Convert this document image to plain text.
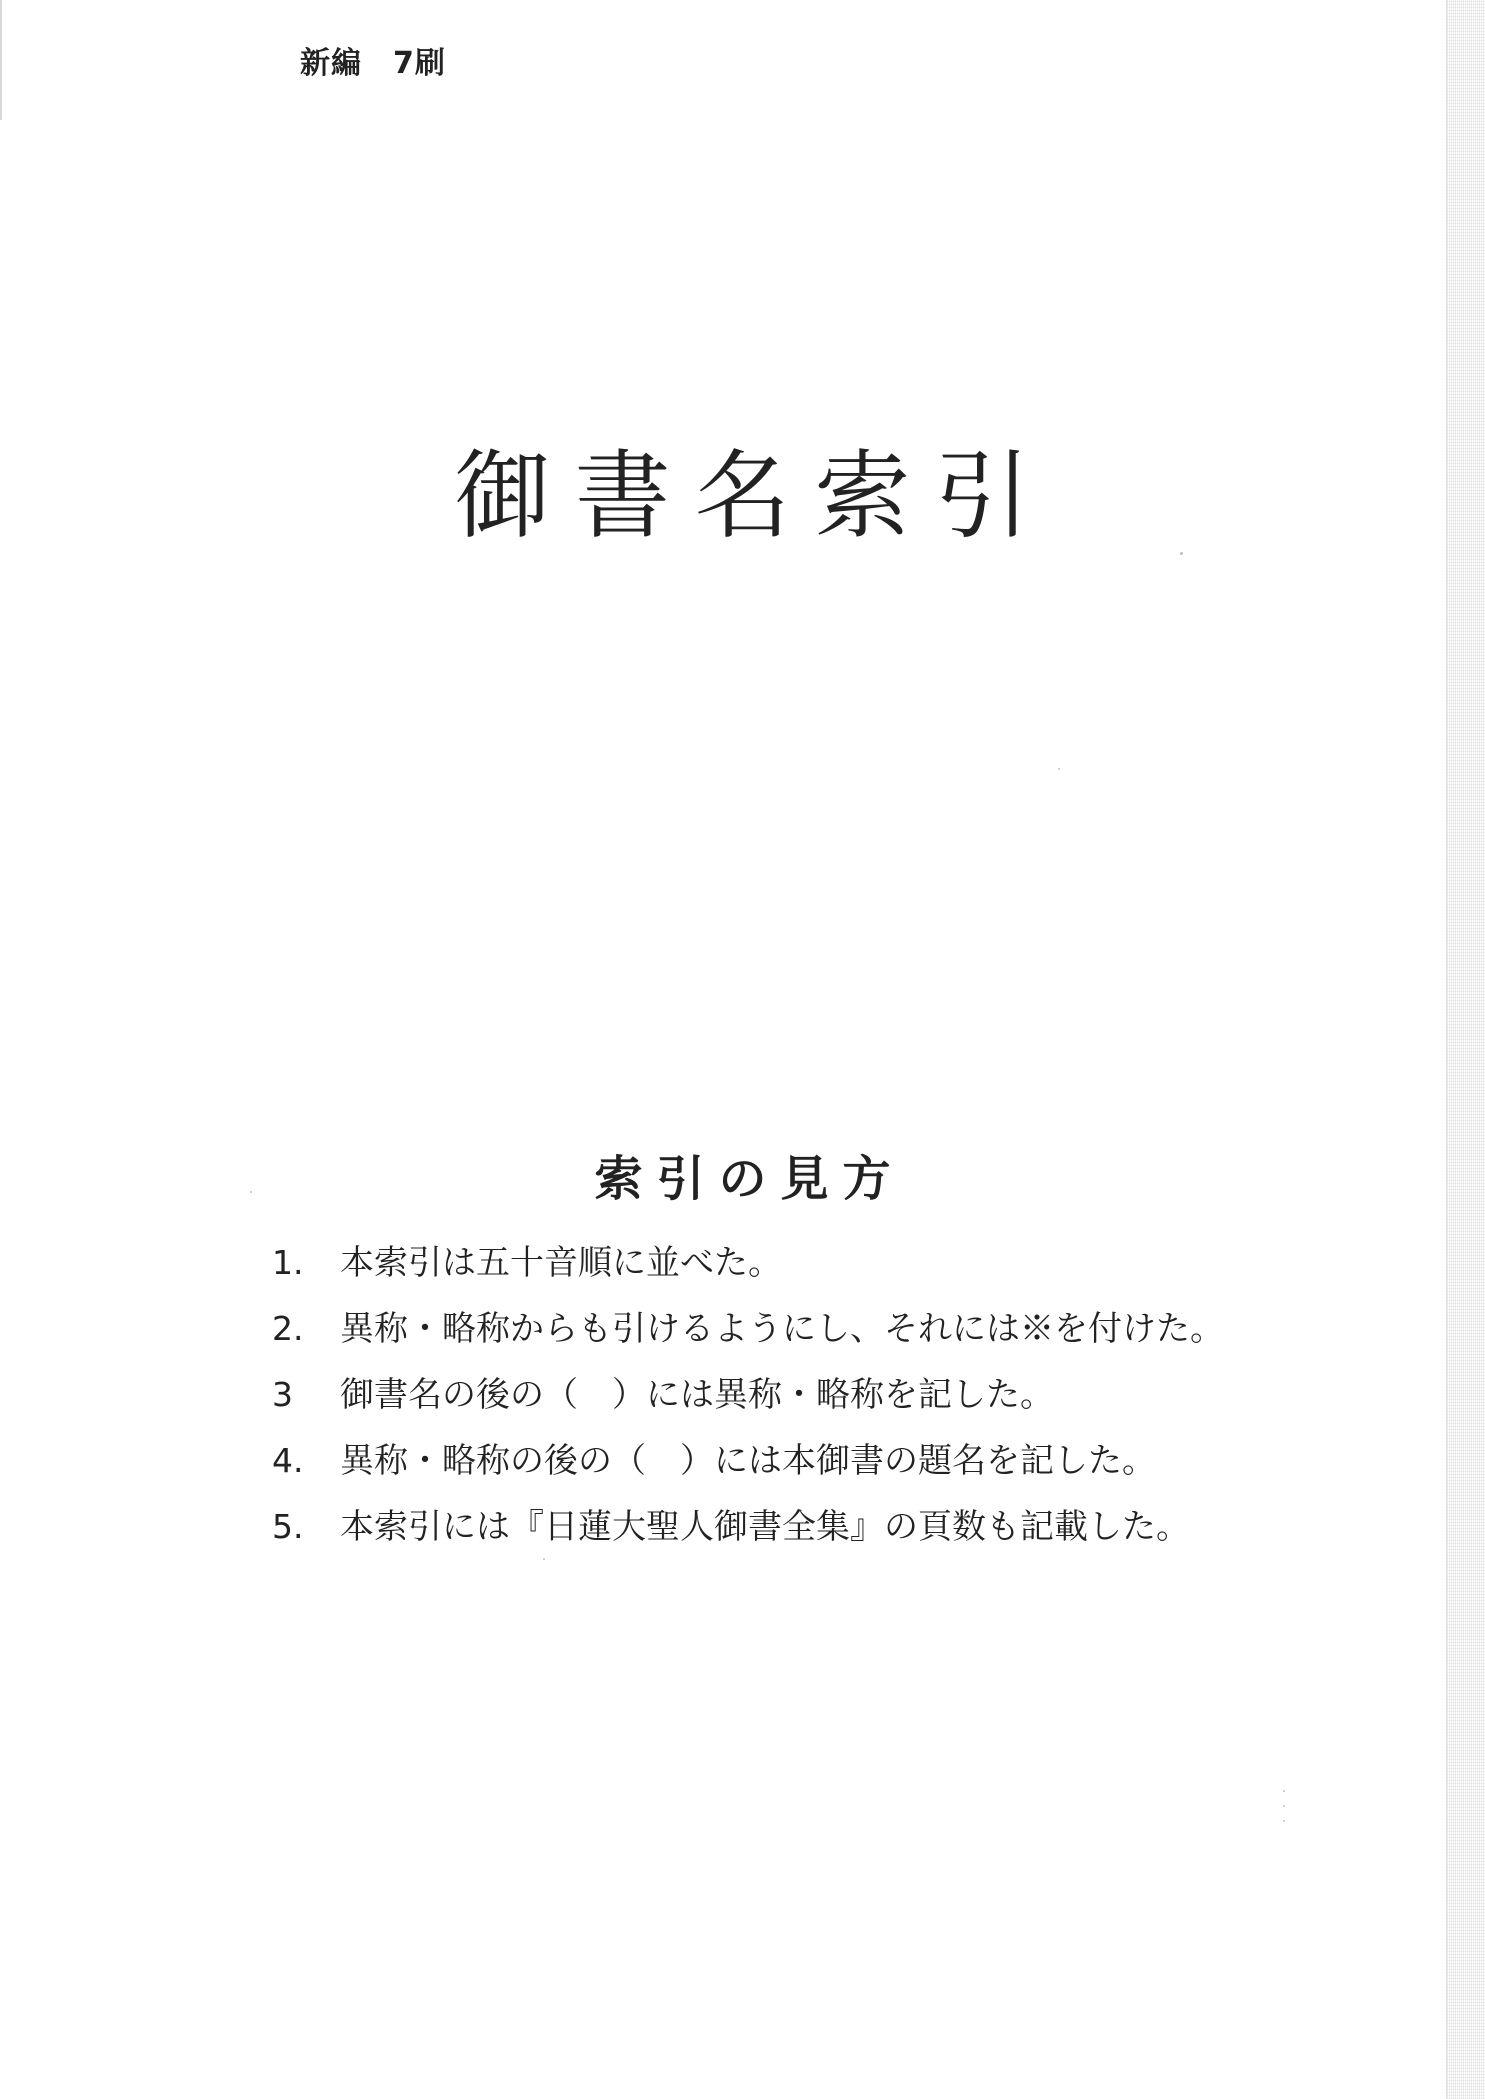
新編　7刷
御書名索引
索引の見方
1.	本索引は五十音順に並べた。
2.	異称・略称からも引けるようにし、それには※を付けた。
3	御書名の後の（　）には異称・略称を記した。
4.	異称・略称の後の（　）には本御書の題名を記した。
5.	本索引には『日蓮大聖人御書全集』の頁数も記載した。
